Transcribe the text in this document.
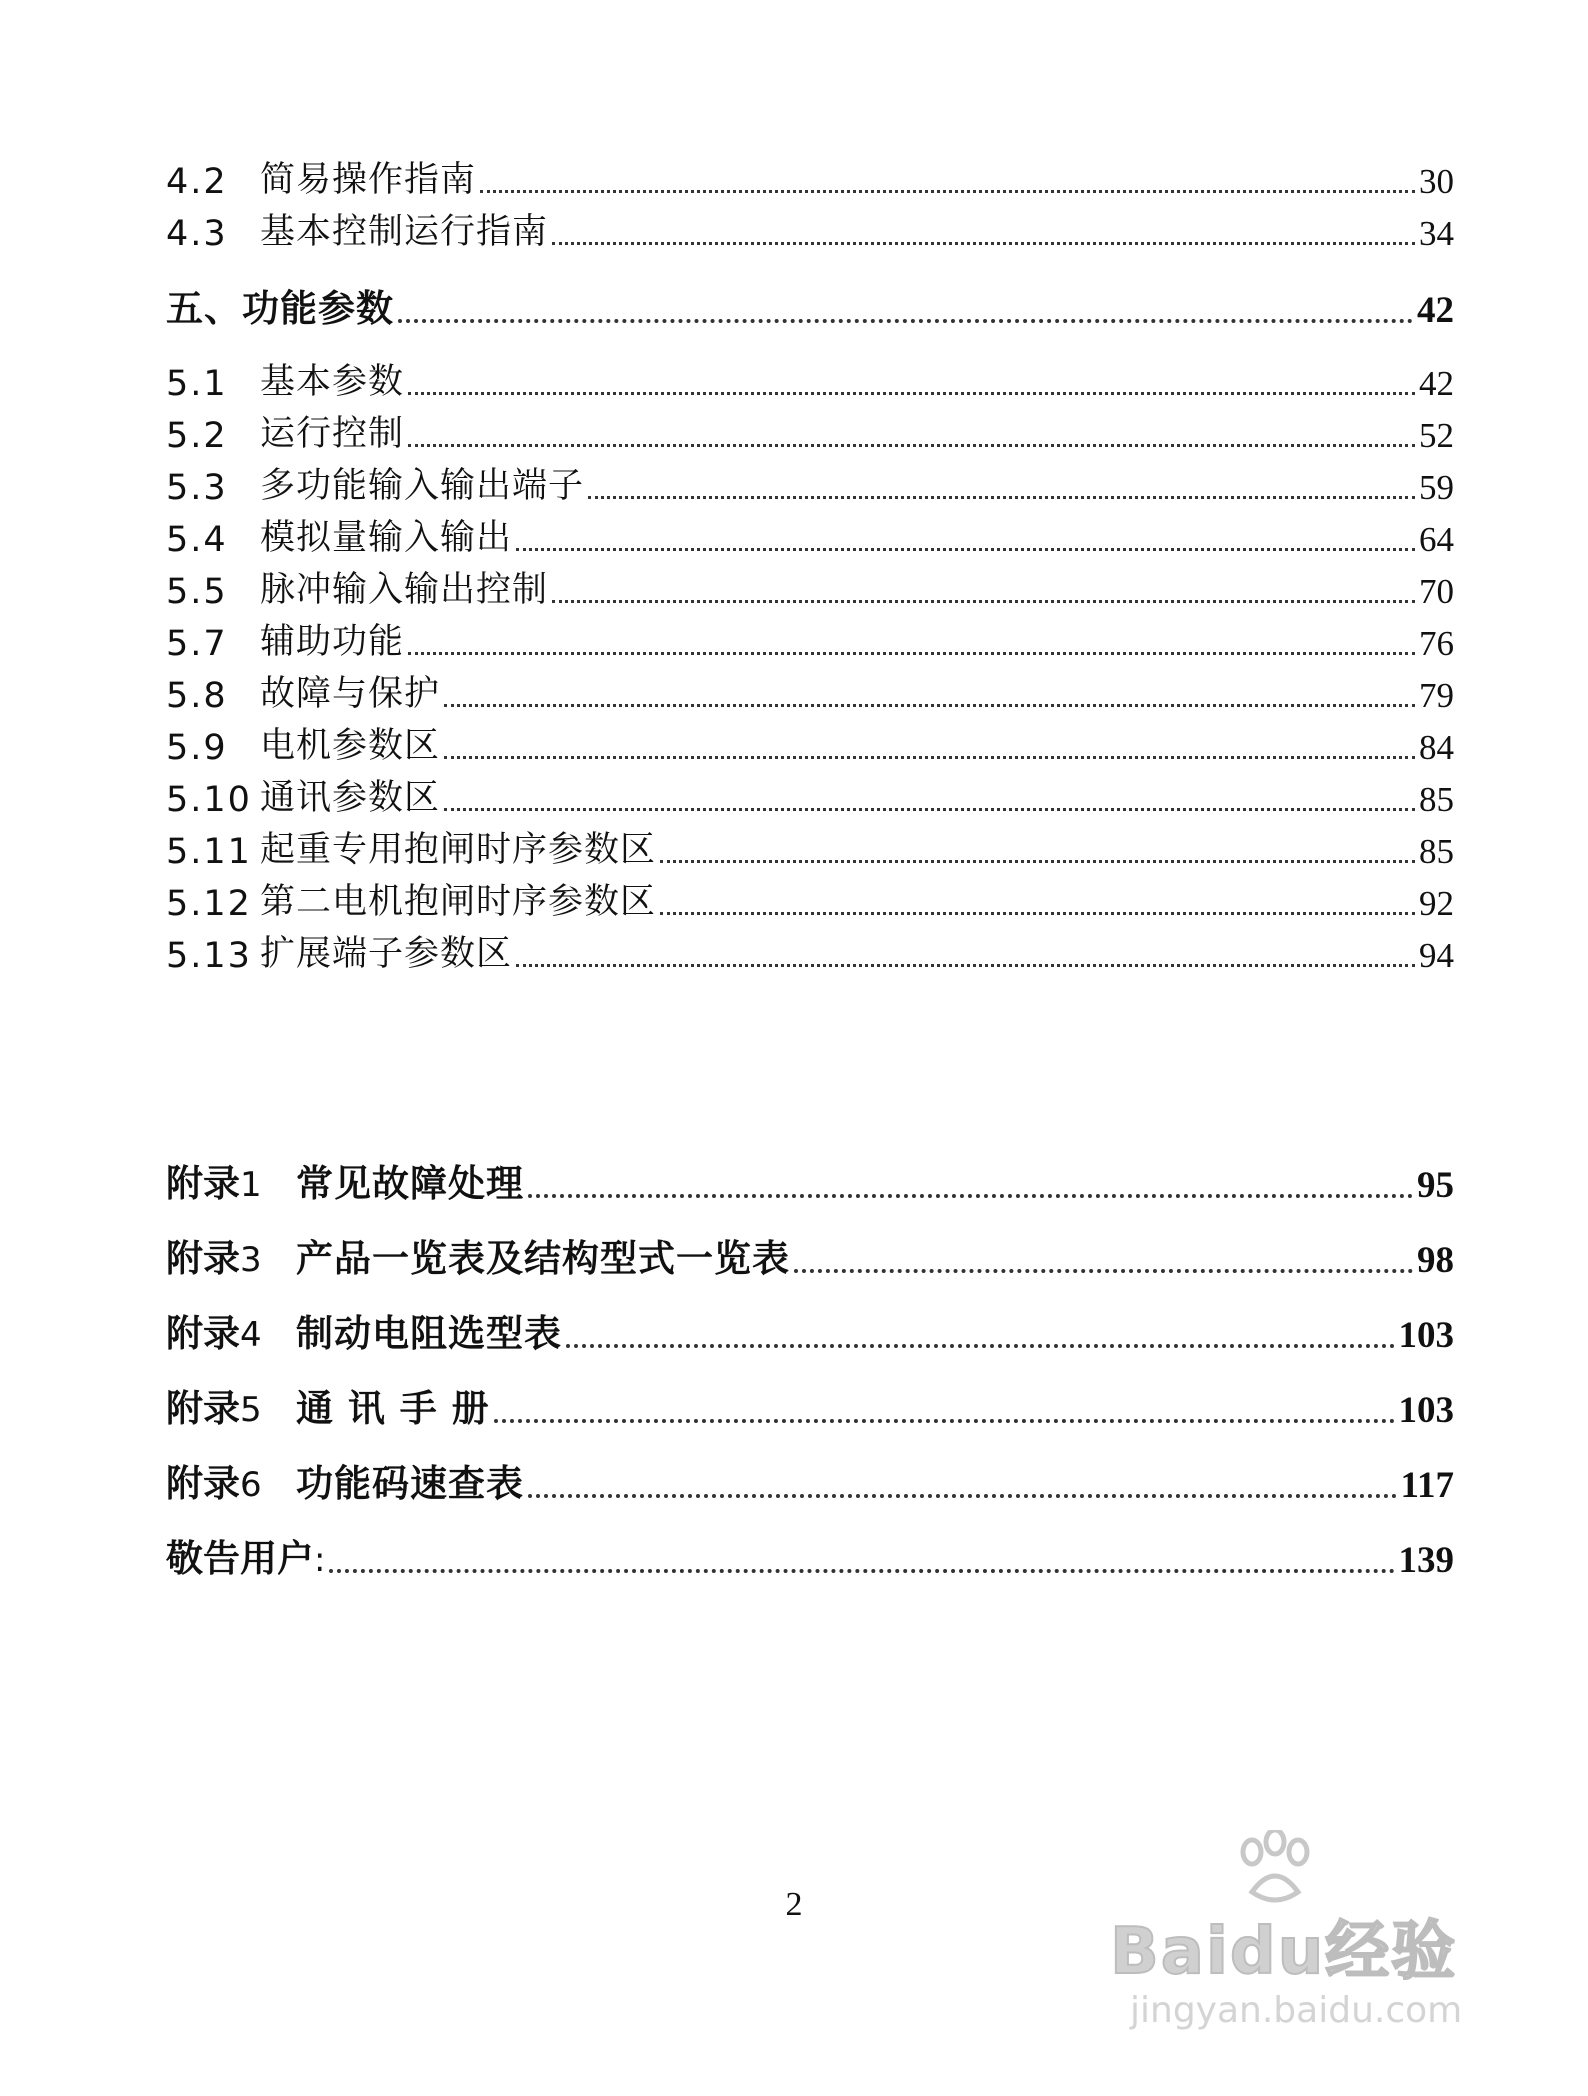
4.2 简易操作指南	30
4.3 基本控制运行指南	34
五、功能参数	42
5.1 基本参数	42
5.2 运行控制	52
5.3 多功能输入输出端子	59
5.4 模拟量输入输出	64
5.5 脉冲输入输出控制	70
5.7 辅助功能	76
5.8 故障与保护	79
5.9 电机参数区	84
5.10 通讯参数区	85
5.11 起重专用抱闸时序参数区	85
5.12 第二电机抱闸时序参数区	92
5.13 扩展端子参数区	94
附录1 常见故障处理	95
附录3 产品一览表及结构型式一览表	98
附录4 制动电阻选型表	103
附录5 通 讯 手 册	103
附录6 功能码速查表	117
敬告用户:	139
2
Baidu经验
jingyan.baidu.com
